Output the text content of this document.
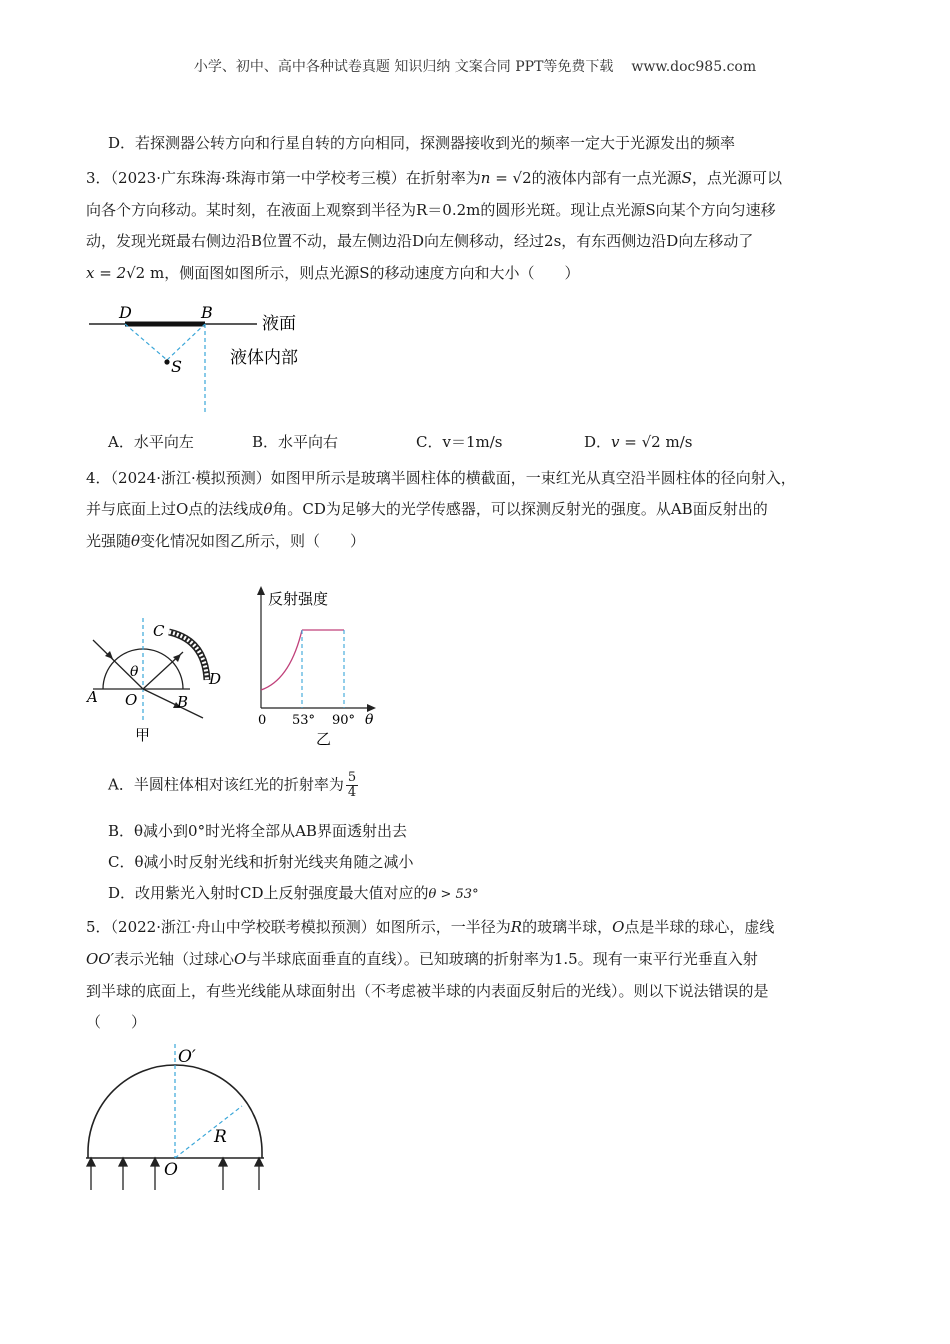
小学、初中、高中各种试卷真题 知识归纳 文案合同 PPT等免费下载 www.doc985.com
D．若探测器公转方向和行星自转的方向相同，探测器接收到光的频率一定大于光源发出的频率
3．（2023·广东珠海·珠海市第一中学校考三模）在折射率为n = √2的液体内部有一点光源S，点光源可以
向各个方向移动。某时刻，在液面上观察到半径为R＝0.2m的圆形光斑。现让点光源S向某个方向匀速移
动，发现光斑最右侧边沿B位置不动，最左侧边沿D向左侧移动，经过2s，有东西侧边沿D向左移动了
x = 2√2 m，侧面图如图所示，则点光源S的移动速度方向和大小（　　）
D	B
S
液面
液体内部
A．水平向左	B．水平向右	C．v＝1m/s	D．v = √2 m/s
4．（2024·浙江·模拟预测）如图甲所示是玻璃半圆柱体的横截面，一束红光从真空沿半圆柱体的径向射入，
并与底面上过O点的法线成θ角。CD为足够大的光学传感器，可以探测反射光的强度。从AB面反射出的
光强随θ变化情况如图乙所示，则（　　）
C
D
A O	B
θ
甲
反射强度
0 53° 90° θ
乙
A．半圆柱体相对该红光的折射率为 $\frac{5}{4}$
B．θ减小到0°时光将全部从AB界面透射出去
C．θ减小时反射光线和折射光线夹角随之减小
D．改用紫光入射时CD上反射强度最大值对应的θ > 53°
5．（2022·浙江·舟山中学校联考模拟预测）如图所示，一半径为R的玻璃半球，O点是半球的球心，虚线
OO′表示光轴（过球心O与半球底面垂直的直线）。已知玻璃的折射率为1.5。现有一束平行光垂直入射
到半球的底面上，有些光线能从球面射出（不考虑被半球的内表面反射后的光线）。则以下说法错误的是
（　　）
O′
R
O
